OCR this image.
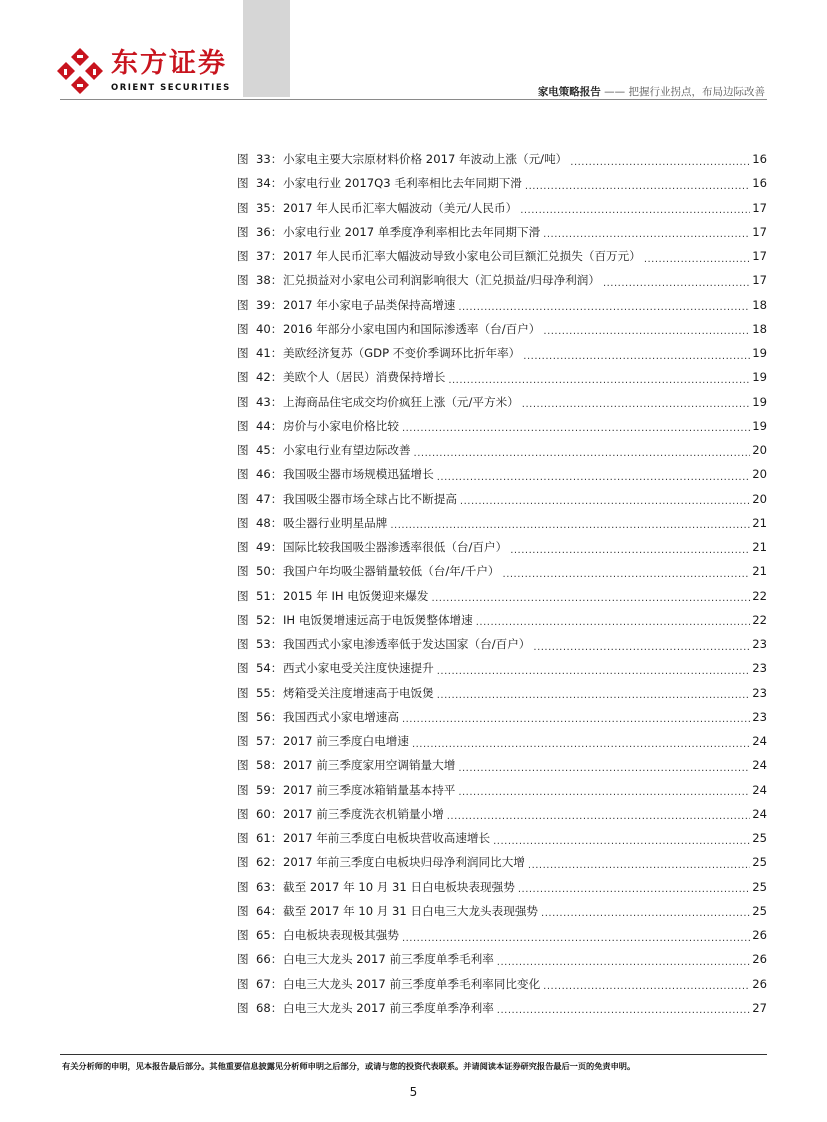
东方证券
ORIENT SECURITIES	家电策略报告 —— 把握行业拐点，布局边际改善
图 33： 小家电主要大宗原材料价格 2017 年波动上涨（元/吨） .....	16
图 34： 小家电行业 2017Q3 毛利率相比去年同期下滑 .....	16
图 35： 2017 年人民币汇率大幅波动（美元/人民币） .....	17
图 36： 小家电行业 2017 单季度净利率相比去年同期下滑 .....	17
图 37： 2017 年人民币汇率大幅波动导致小家电公司巨额汇兑损失（百万元） .....	17
图 38： 汇兑损益对小家电公司利润影响很大（汇兑损益/归母净利润） .....	17
图 39： 2017 年小家电子品类保持高增速 .....	18
图 40： 2016 年部分小家电国内和国际渗透率（台/百户） .....	18
图 41： 美欧经济复苏（GDP 不变价季调环比折年率） .....	19
图 42： 美欧个人（居民）消费保持增长 .....	19
图 43： 上海商品住宅成交均价疯狂上涨（元/平方米） .....	19
图 44： 房价与小家电价格比较 .....	19
图 45： 小家电行业有望边际改善 .....	20
图 46： 我国吸尘器市场规模迅猛增长 .....	20
图 47： 我国吸尘器市场全球占比不断提高 .....	20
图 48： 吸尘器行业明星品牌 .....	21
图 49： 国际比较我国吸尘器渗透率很低（台/百户） .....	21
图 50： 我国户年均吸尘器销量较低（台/年/千户） .....	21
图 51： 2015 年 IH 电饭煲迎来爆发 .....	22
图 52： IH 电饭煲增速远高于电饭煲整体增速 .....	22
图 53： 我国西式小家电渗透率低于发达国家（台/百户） .....	23
图 54： 西式小家电受关注度快速提升 .....	23
图 55： 烤箱受关注度增速高于电饭煲 .....	23
图 56： 我国西式小家电增速高 .....	23
图 57： 2017 前三季度白电增速 .....	24
图 58： 2017 前三季度家用空调销量大增 .....	24
图 59： 2017 前三季度冰箱销量基本持平 .....	24
图 60： 2017 前三季度洗衣机销量小增 .....	24
图 61： 2017 年前三季度白电板块营收高速增长 .....	25
图 62： 2017 年前三季度白电板块归母净利润同比大增 .....	25
图 63： 截至 2017 年 10 月 31 日白电板块表现强势 .....	25
图 64： 截至 2017 年 10 月 31 日白电三大龙头表现强势 .....	25
图 65： 白电板块表现极其强势 .....	26
图 66： 白电三大龙头 2017 前三季度单季毛利率 .....	26
图 67： 白电三大龙头 2017 前三季度单季毛利率同比变化 .....	26
图 68： 白电三大龙头 2017 前三季度单季净利率 .....	27
有关分析师的申明，见本报告最后部分。其他重要信息披露见分析师申明之后部分，或请与您的投资代表联系。并请阅读本证券研究报告最后一页的免责申明。
5
